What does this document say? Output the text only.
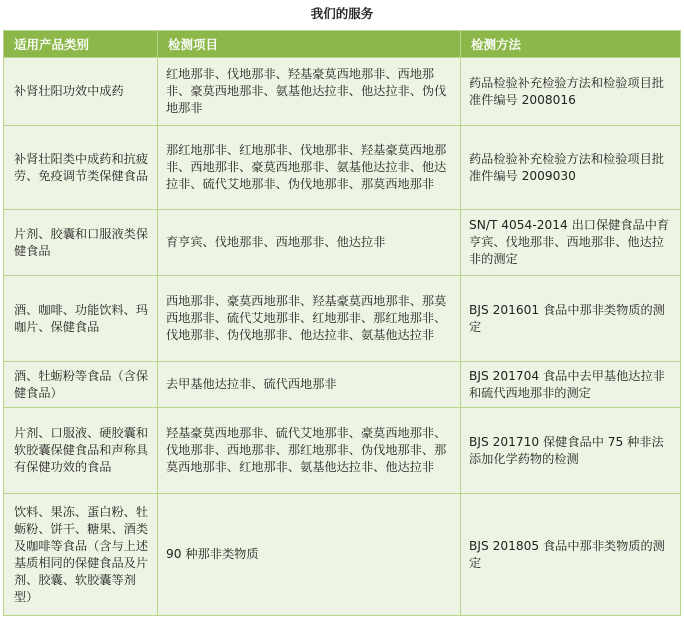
我们的服务
适用产品类别	检测项目	检测方法
补肾壮阳功效中成药	红地那非、伐地那非、羟基豪莫西地那非、西地那非、豪莫西地那非、氨基他达拉非、他达拉非、伪伐地那非	药品检验补充检验方法和检验项目批准件编号 2008016
补肾壮阳类中成药和抗疲劳、免疫调节类保健食品	那红地那非、红地那非、伐地那非、羟基豪莫西地那非、西地那非、豪莫西地那非、氨基他达拉非、他达拉非、硫代艾地那非、伪伐地那非、那莫西地那非	药品检验补充检验方法和检验项目批准件编号 2009030
片剂、胶囊和口服液类保健食品	育亨宾、伐地那非、西地那非、他达拉非	SN/T 4054-2014 出口保健食品中育亨宾、伐地那非、西地那非、他达拉非的测定
酒、咖啡、功能饮料、玛咖片、保健食品	西地那非、豪莫西地那非、羟基豪莫西地那非、那莫西地那非、硫代艾地那非、红地那非、那红地那非、伐地那非、伪伐地那非、他达拉非、氨基他达拉非	BJS 201601 食品中那非类物质的测定
酒、牡蛎粉等食品（含保健食品）	去甲基他达拉非、硫代西地那非	BJS 201704 食品中去甲基他达拉非和硫代西地那非的测定
片剂、口服液、硬胶囊和软胶囊保健食品和声称具有保健功效的食品	羟基豪莫西地那非、硫代艾地那非、豪莫西地那非、伐地那非、西地那非、那红地那非、伪伐地那非、那莫西地那非、红地那非、氨基他达拉非、他达拉非	BJS 201710 保健食品中 75 种非法添加化学药物的检测
饮料、果冻、蛋白粉、牡蛎粉、饼干、糖果、酒类及咖啡等食品（含与上述基质相同的保健食品及片剂、胶囊、软胶囊等剂型）	90 种那非类物质	BJS 201805 食品中那非类物质的测定
